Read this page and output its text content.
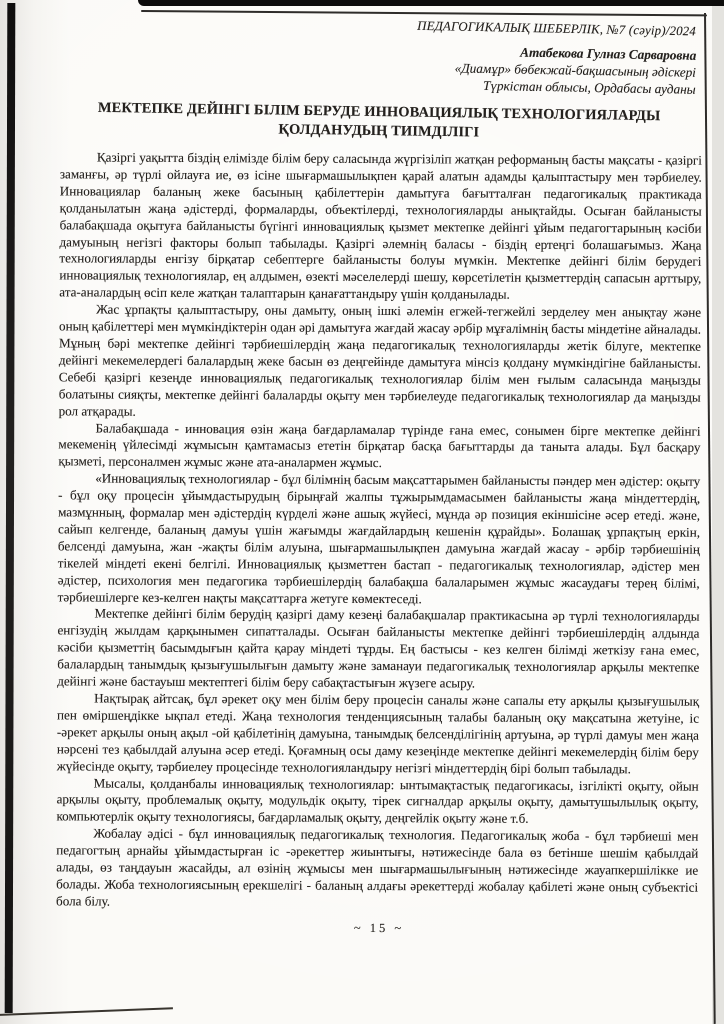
ПЕДАГОГИКАЛЫҚ ШЕБЕРЛІК, №7 (сәуір)/2024
Атабекова Гулназ Сарваровна
«Диамұр» бөбекжай-бақшасының әдіскері
Түркістан облысы, Ордабасы ауданы
МЕКТЕПКЕ ДЕЙІНГІ БІЛІМ БЕРУДЕ ИННОВАЦИЯЛЫҚ ТЕХНОЛОГИЯЛАРДЫ ҚОЛДАНУДЫҢ ТИІМДІЛІГІ

Қазіргі уақытта біздің елімізде білім беру саласында жүргізіліп жатқан реформаның басты мақсаты - қазіргі заманғы, әр түрлі ойлауға ие, өз ісіне шығармашылықпен қарай алатын адамды қалыптастыру мен тәрбиелеу. Инновациялар баланың жеке басының қабілеттерін дамытуға бағытталған педагогикалық практикада қолданылатын жаңа әдістерді, формаларды, объектілерді, технологияларды анықтайды. Осыған байланысты балабақшада оқытуға байланысты бүгінгі инновациялық қызмет мектепке дейінгі ұйым педагогтарының кәсіби дамуының негізгі факторы болып табылады. Қазіргі әлемнің баласы - біздің ертеңгі болашағымыз. Жаңа технологияларды енгізу бірқатар себептерге байланысты болуы мүмкін. Мектепке дейінгі білім берудегі инновациялық технологиялар, ең алдымен, өзекті мәселелерді шешу, көрсетілетін қызметтердің сапасын арттыру, ата-аналардың өсіп келе жатқан талаптарын қанағаттандыру үшін қолданылады.

Жас ұрпақты қалыптастыру, оны дамыту, оның ішкі әлемін егжей-тегжейлі зерделеу мен анықтау және оның қабілеттері мен мүмкіндіктерін одан әрі дамытуға жағдай жасау әрбір мұғалімнің басты міндетіне айналады. Мұның бәрі мектепке дейінгі тәрбиешілердің жаңа педагогикалық технологияларды жетік білуге, мектепке дейінгі мекемелердегі балалардың жеке басын өз деңгейінде дамытуға мінсіз қолдану мүмкіндігіне байланысты. Себебі қазіргі кезеңде инновациялық педагогикалық технологиялар білім мен ғылым саласында маңызды болатыны сияқты, мектепке дейінгі балаларды оқыту мен тәрбиелеуде педагогикалық технологиялар да маңызды рол атқарады.

Балабақшада - инновация өзін жаңа бағдарламалар түрінде ғана емес, сонымен бірге мектепке дейінгі мекеменің үйлесімді жұмысын қамтамасыз ететін бірқатар басқа бағыттарды да таныта алады. Бұл басқару қызметі, персоналмен жұмыс және ата-аналармен жұмыс.

«Инновациялық технологиялар - бұл білімнің басым мақсаттарымен байланысты пәндер мен әдістер: оқыту - бұл оқу процесін ұйымдастырудың бірыңғай жалпы тұжырымдамасымен байланысты жаңа міндеттердің, мазмұнның, формалар мен әдістердің күрделі және ашық жүйесі, мұнда әр позиция екіншісіне әсер етеді. және, сайып келгенде, баланың дамуы үшін жағымды жағдайлардың кешенін құрайды». Болашақ ұрпақтың еркін, белсенді дамуына, жан -жақты білім алуына, шығармашылықпен дамуына жағдай жасау - әрбір тәрбиешінің тікелей міндеті екені белгілі. Инновациялық қызметтен бастап - педагогикалық технологиялар, әдістер мен әдістер, психология мен педагогика тәрбиешілердің балабақша балаларымен жұмыс жасаудағы терең білімі, тәрбиешілерге кез-келген нақты мақсаттарға жетуге көмектеседі.

Мектепке дейінгі білім берудің қазіргі даму кезеңі балабақшалар практикасына әр түрлі технологияларды енгізудің жылдам қарқынымен сипатталады. Осыған байланысты мектепке дейінгі тәрбиешілердің алдында кәсіби қызметтің басымдығын қайта қарау міндеті тұрды. Ең бастысы - кез келген білімді жеткізу ғана емес, балалардың танымдық қызығушылығын дамыту және заманауи педагогикалық технологиялар арқылы мектепке дейінгі және бастауыш мектептегі білім беру сабақтастығын жүзеге асыру.

Нақтырақ айтсақ, бұл әрекет оқу мен білім беру процесін саналы және сапалы ету арқылы қызығушылық пен өміршеңдікке ықпал етеді. Жаңа технология тенденциясының талабы баланың оқу мақсатына жетуіне, іс -әрекет арқылы оның ақыл -ой қабілетінің дамуына, танымдық белсенділігінің артуына, әр түрлі дамуы мен жаңа нәрсені тез қабылдай алуына әсер етеді. Қоғамның осы даму кезеңінде мектепке дейінгі мекемелердің білім беру жүйесінде оқыту, тәрбиелеу процесінде технологияландыру негізгі міндеттердің бірі болып табылады.

Мысалы, қолданбалы инновациялық технологиялар: ынтымақтастық педагогикасы, ізгілікті оқыту, ойын арқылы оқыту, проблемалық оқыту, модульдік оқыту, тірек сигналдар арқылы оқыту, дамытушылылық оқыту, компьютерлік оқыту технологиясы, бағдарламалық оқыту, деңгейлік оқыту және т.б.

Жобалау әдісі - бұл инновациялық педагогикалық технология. Педагогикалық жоба - бұл тәрбиеші мен педагогтың арнайы ұйымдастырған іс -әрекеттер жиынтығы, нәтижесінде бала өз бетінше шешім қабылдай алады, өз таңдауын жасайды, ал өзінің жұмысы мен шығармашылығының нәтижесінде жауапкершілікке ие болады. Жоба технологиясының ерекшелігі - баланың алдағы әрекеттерді жобалау қабілеті және оның субъектісі бола білу.

~ 15 ~
